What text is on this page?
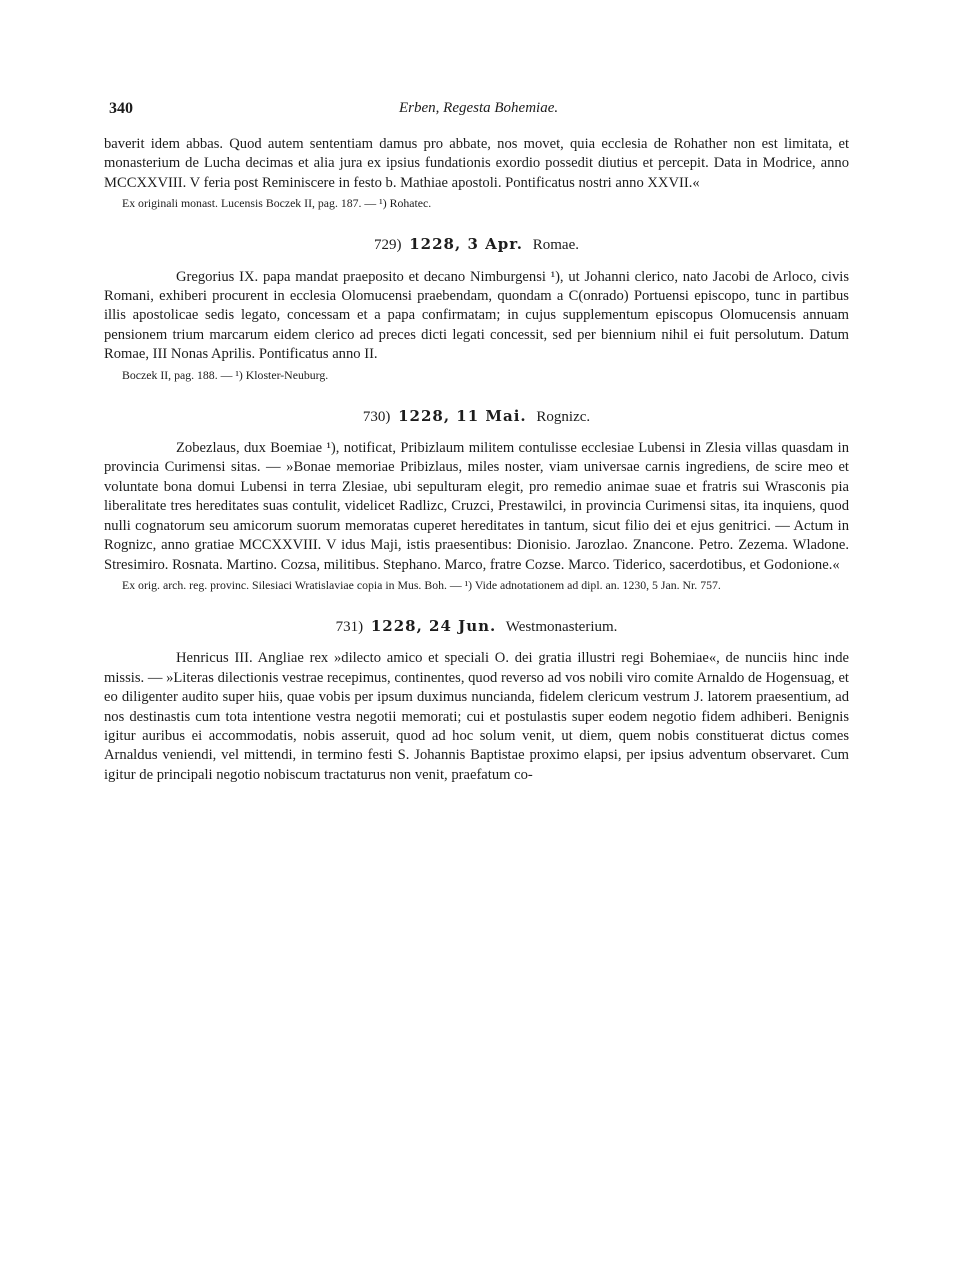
340	Erben, Regesta Bohemiae.

baverit idem abbas. Quod autem sententiam damus pro abbate, nos movet, quia ecclesia de Rohather non est limitata, et monasterium de Lucha decimas et alia jura ex ipsius fundationis exordio possedit diutius et percepit. Data in Modrice, anno MCCXXVIII. V feria post Reminiscere in festo b. Mathiae apostoli. Pontificatus nostri anno XXVII.«

Ex originali monast. Lucensis Boczek II, pag. 187. — ¹) Rohatec.
729) 1228, 3 Apr. Romae.

Gregorius IX. papa mandat praeposito et decano Nimburgensi ¹), ut Johanni clerico, nato Jacobi de Arloco, civis Romani, exhiberi procurent in ecclesia Olomucensi praebendam, quondam a C(onrado) Portuensi episcopo, tunc in partibus illis apostolicae sedis legato, concessam et a papa confirmatam; in cujus supplementum episcopus Olomucensis annuam pensionem trium marcarum eidem clerico ad preces dicti legati concessit, sed per biennium nihil ei fuit persolutum. Datum Romae, III Nonas Aprilis. Pontificatus anno II.

Boczek II, pag. 188. — ¹) Kloster-Neuburg.
730) 1228, 11 Mai. Rognizc.

Zobezlaus, dux Boemiae ¹), notificat, Pribizlaum militem contulisse ecclesiae Lubensi in Zlesia villas quasdam in provincia Curimensi sitas. — »Bonae memoriae Pribizlaus, miles noster, viam universae carnis ingrediens, de scire meo et voluntate bona domui Lubensi in terra Zlesiae, ubi sepulturam elegit, pro remedio animae suae et fratris sui Wrasconis pia liberalitate tres hereditates suas contulit, videlicet Radlizc, Cruzci, Prestawilci, in provincia Curimensi sitas, ita inquiens, quod nulli cognatorum seu amicorum suorum memoratas cuperet hereditates in tantum, sicut filio dei et ejus genitrici. — Actum in Rognizc, anno gratiae MCCXXVIII. V idus Maji, istis praesentibus: Dionisio. Jarozlao. Znancone. Petro. Zezema. Wladone. Stresimiro. Rosnata. Martino. Cozsa, militibus. Stephano. Marco, fratre Cozse. Marco. Tiderico, sacerdotibus, et Godonione.«

Ex orig. arch. reg. provinc. Silesiaci Wratislaviae copia in Mus. Boh. — ¹) Vide adnotationem ad dipl. an. 1230, 5 Jan. Nr. 757.
731) 1228, 24 Jun. Westmonasterium.

Henricus III. Angliae rex »dilecto amico et speciali O. dei gratia illustri regi Bohemiae«, de nunciis hinc inde missis. — »Literas dilectionis vestrae recepimus, continentes, quod reverso ad vos nobili viro comite Arnaldo de Hogensuag, et eo diligenter audito super hiis, quae vobis per ipsum duximus nuncianda, fidelem clericum vestrum J. latorem praesentium, ad nos destinastis cum tota intentione vestra negotii memorati; cui et postulastis super eodem negotio fidem adhiberi. Benignis igitur auribus ei accommodatis, nobis asseruit, quod ad hoc solum venit, ut diem, quem nobis constituerat dictus comes Arnaldus veniendi, vel mittendi, in termino festi S. Johannis Baptistae proximo elapsi, per ipsius adventum observaret. Cum igitur de principali negotio nobiscum tractaturus non venit, praefatum co-
